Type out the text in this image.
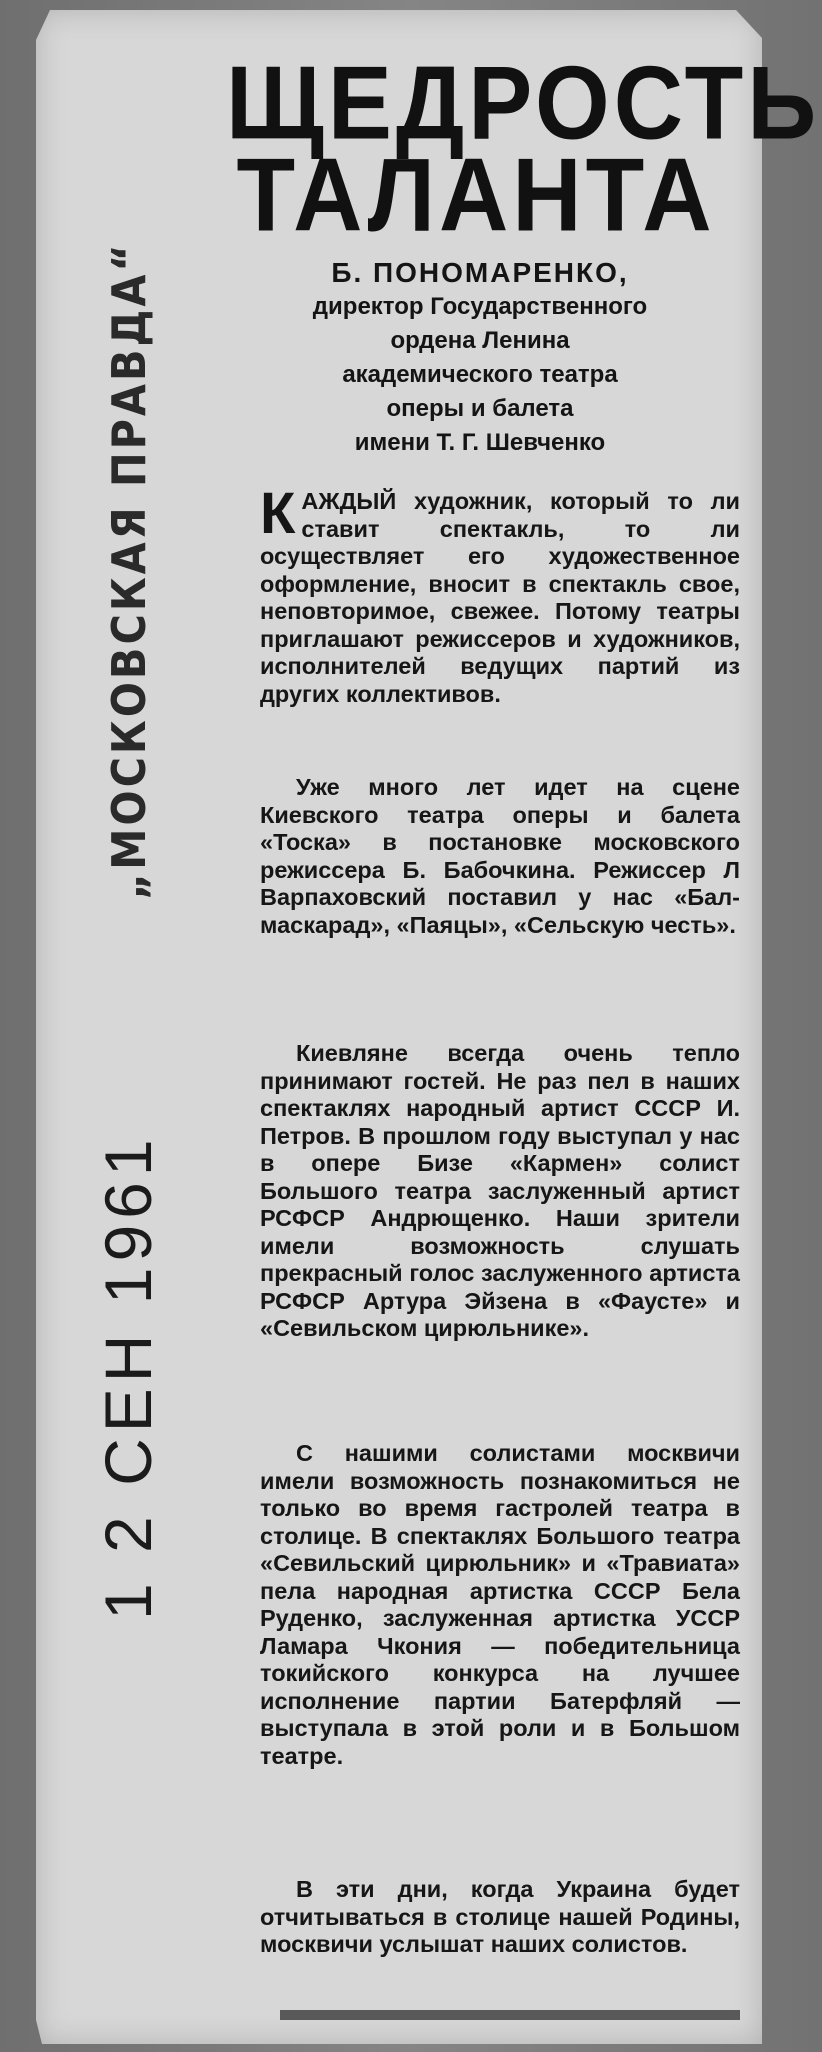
„МОСКОВСКАЯ ПРАВДА“
1 2 СЕН 1961
ЩЕДРОСТЬ
ТАЛАНТА
Б. ПОНОМАРЕНКО,
директор Государственного
ордена Ленина
академического театра
оперы и балета
имени Т. Г. Шевченко

КАЖДЫЙ художник, который то ли ставит спектакль, то ли осуществляет его художественное оформление, вносит в спектакль свое, неповторимое, свежее. Потому театры приглашают режиссеров и художников, исполнителей ведущих партий из других коллективов.

Уже много лет идет на сцене Киевского театра оперы и балета «Тоска» в постановке московского режиссера Б. Бабочкина. Режиссер Л Варпаховский поставил у нас «Бал-маскарад», «Паяцы», «Сельскую честь».

Киевляне всегда очень тепло принимают гостей. Не раз пел в наших спектаклях народный артист СССР И. Петров. В прошлом году выступал у нас в опере Бизе «Кармен» солист Большого театра заслуженный артист РСФСР Андрющенко. Наши зрители имели возможность слушать прекрасный голос заслуженного артиста РСФСР Артура Эйзена в «Фаусте» и «Севильском цирюльнике».

С нашими солистами москвичи имели возможность познакомиться не только во время гастролей театра в столице. В спектаклях Большого театра «Севильский цирюльник» и «Травиата» пела народная артистка СССР Бела Руденко, заслуженная артистка УССР Ламара Чкония — победительница токийского конкурса на лучшее исполнение партии Батерфляй — выступала в этой роли и в Большом театре.

В эти дни, когда Украина будет отчитываться в столице нашей Родины, москвичи услышат наших солистов.
